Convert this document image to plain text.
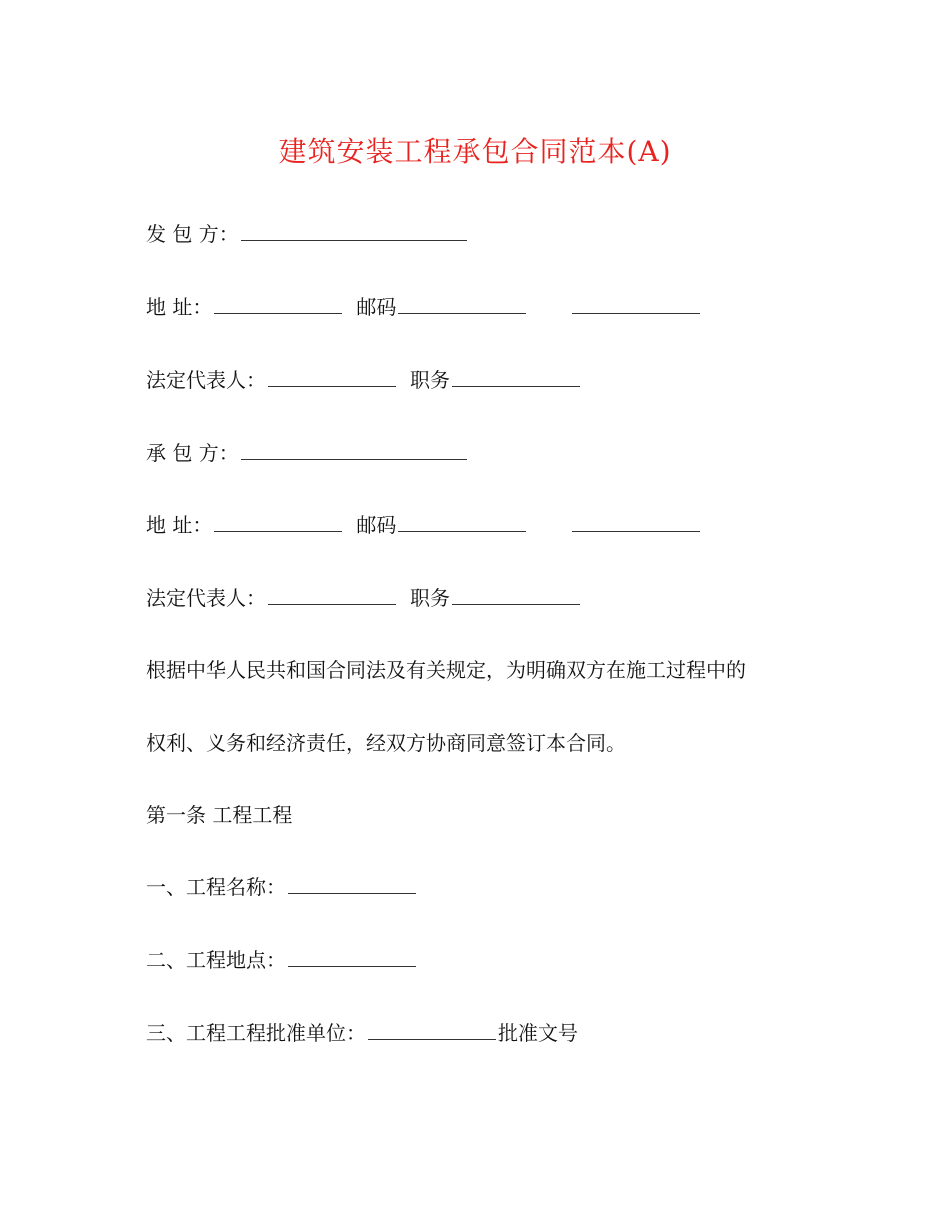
建筑安装工程承包合同范本(A)
发 包 方：
地 址：	邮码
法定代表人：	职务
承 包 方：
地 址：	邮码
法定代表人：	职务
根据中华人民共和国合同法及有关规定，为明确双方在施工过程中的
权利、义务和经济责任，经双方协商同意签订本合同。
第一条 工程工程
一、工程名称：
二、工程地点：
三、工程工程批准单位：	批准文号
